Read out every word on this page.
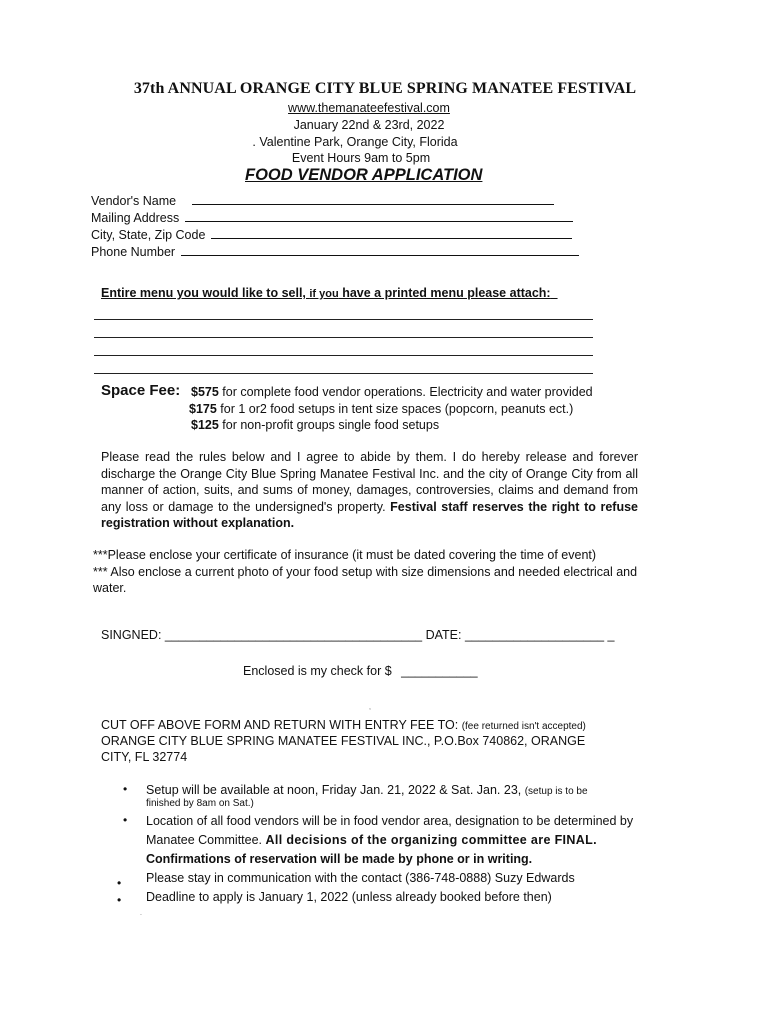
37th ANNUAL ORANGE CITY BLUE SPRING MANATEE FESTIVAL
www.themanateefestival.com
January 22nd & 23rd, 2022
. Valentine Park, Orange City, Florida
Event Hours 9am to 5pm
FOOD VENDOR APPLICATION
Vendor's Name
Mailing Address
City, State, Zip Code
Phone Number
Entire menu you would like to sell, if you have a printed menu please attach:
Space Fee: $575 for complete food vendor operations. Electricity and water provided
$175 for 1 or2 food setups in tent size spaces (popcorn, peanuts ect.)
$125 for non-profit groups single food setups
Please read the rules below and I agree to abide by them. I do hereby release and forever discharge the Orange City Blue Spring Manatee Festival Inc. and the city of Orange City from all manner of action, suits, and sums of money, damages, controversies, claims and demand from any loss or damage to the undersigned's property. Festival staff reserves the right to refuse registration without explanation.
***Please enclose your certificate of insurance (it must be dated covering the time of event)
*** Also enclose a current photo of your food setup with size dimensions and needed electrical and
water.
SINGNED: _____________________________________ DATE: ____________________ _
Enclosed is my check for $ ___________
,
CUT OFF ABOVE FORM AND RETURN WITH ENTRY FEE TO: (fee returned isn't accepted)
ORANGE CITY BLUE SPRING MANATEE FESTIVAL INC., P.O.Box 740862, ORANGE
CITY, FL 32774
• Setup will be available at noon, Friday Jan. 21, 2022 & Sat. Jan. 23, (setup is to be
finished by 8am on Sat.)
• Location of all food vendors will be in food vendor area, designation to be determined by
Manatee Committee. All decisions of the organizing committee are FINAL.
Confirmations of reservation will be made by phone or in writing.
Please stay in communication with the contact (386-748-0888) Suzy Edwards
•
Deadline to apply is January 1, 2022 (unless already booked before then)
•
.
